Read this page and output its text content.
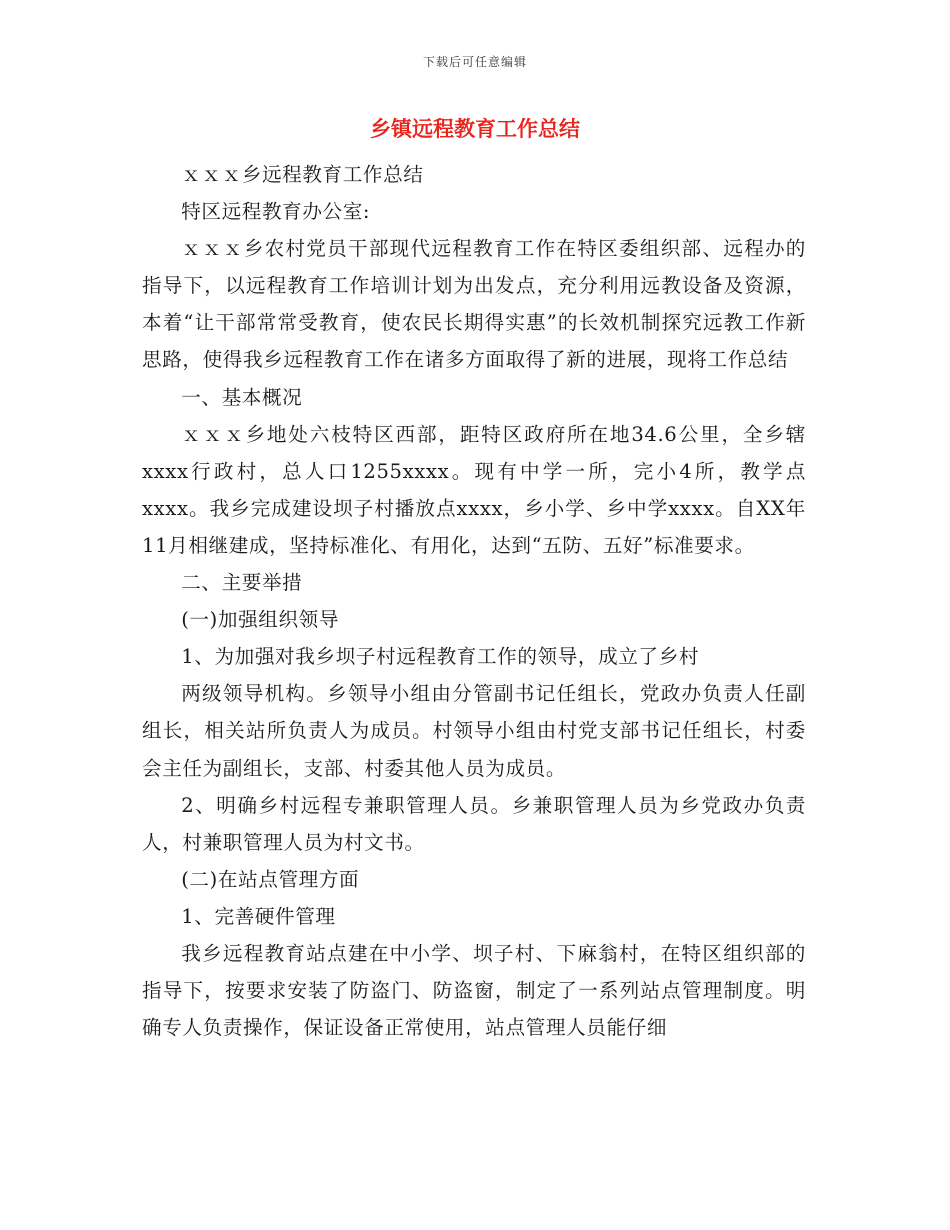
下载后可任意编辑
乡镇远程教育工作总结

ｘｘｘ乡远程教育工作总结

特区远程教育办公室:

ｘｘｘ乡农村党员干部现代远程教育工作在特区委组织部、远程办的指导下，以远程教育工作培训计划为出发点，充分利用远教设备及资源，本着“让干部常常受教育，使农民长期得实惠”的长效机制探究远教工作新思路，使得我乡远程教育工作在诸多方面取得了新的进展，现将工作总结

一、基本概况

ｘｘｘ乡地处六枝特区西部，距特区政府所在地34.6公里，全乡辖xxxx行政村，总人口1255xxxx。现有中学一所，完小4所，教学点xxxx。我乡完成建设坝子村播放点xxxx，乡小学、乡中学xxxx。自XX年11月相继建成，坚持标准化、有用化，达到“五防、五好”标准要求。

二、主要举措

(一)加强组织领导

1、为加强对我乡坝子村远程教育工作的领导，成立了乡村

两级领导机构。乡领导小组由分管副书记任组长，党政办负责人任副组长，相关站所负责人为成员。村领导小组由村党支部书记任组长，村委会主任为副组长，支部、村委其他人员为成员。

2、明确乡村远程专兼职管理人员。乡兼职管理人员为乡党政办负责人，村兼职管理人员为村文书。

(二)在站点管理方面

1、完善硬件管理

我乡远程教育站点建在中小学、坝子村、下麻翁村，在特区组织部的指导下，按要求安装了防盗门、防盗窗，制定了一系列站点管理制度。明确专人负责操作，保证设备正常使用，站点管理人员能仔细
